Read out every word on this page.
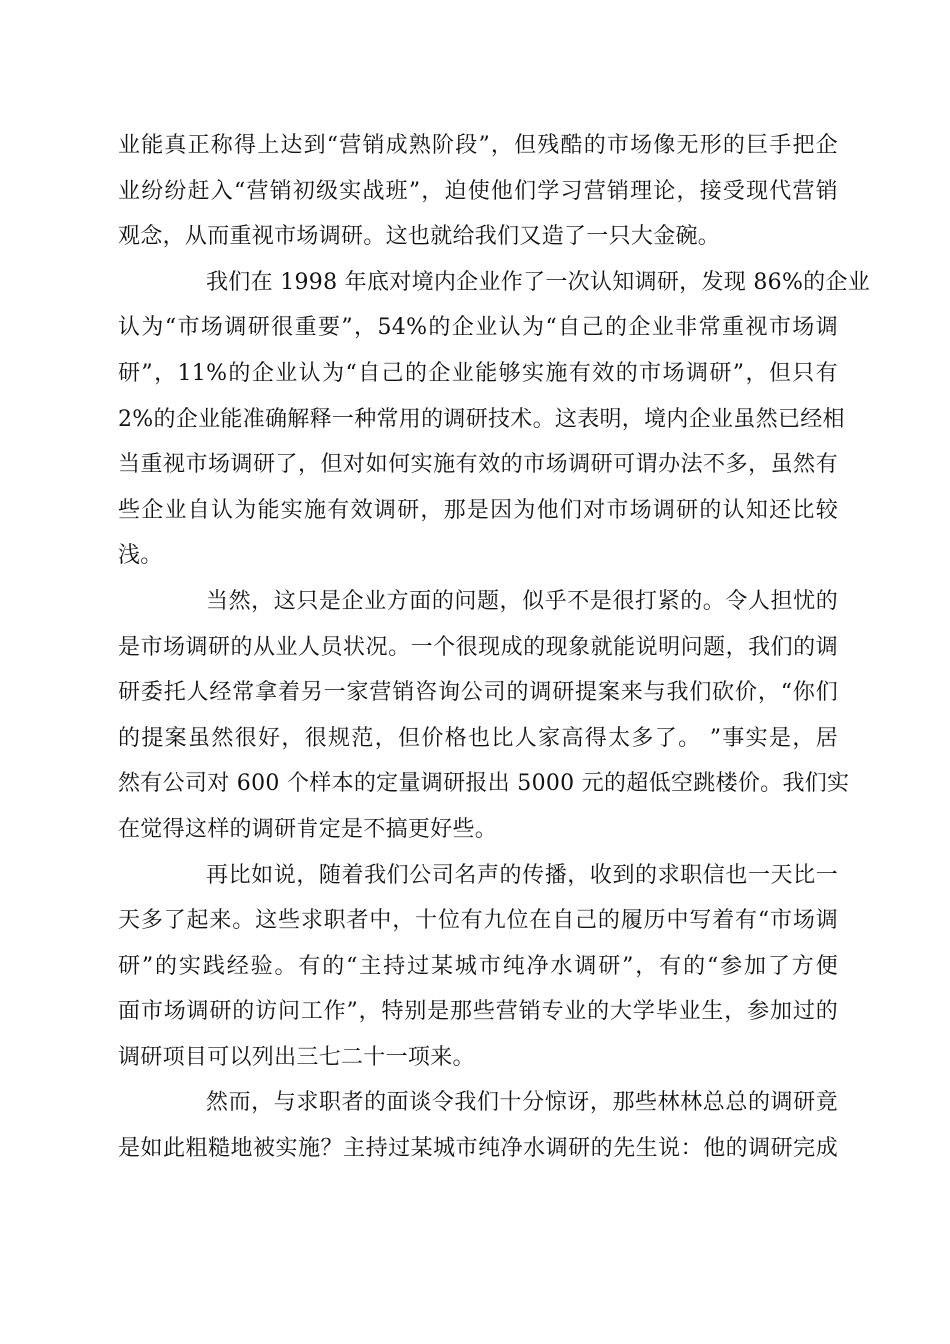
业能真正称得上达到“营销成熟阶段”，但残酷的市场像无形的巨手把企
业纷纷赶入“营销初级实战班”，迫使他们学习营销理论，接受现代营销
观念，从而重视市场调研。这也就给我们又造了一只大金碗。
我们在 1998 年底对境内企业作了一次认知调研，发现 86%的企业
认为“市场调研很重要”，54%的企业认为“自己的企业非常重视市场调
研”，11%的企业认为“自己的企业能够实施有效的市场调研”，但只有
2%的企业能准确解释一种常用的调研技术。这表明，境内企业虽然已经相
当重视市场调研了，但对如何实施有效的市场调研可谓办法不多，虽然有
些企业自认为能实施有效调研，那是因为他们对市场调研的认知还比较
浅。
当然，这只是企业方面的问题，似乎不是很打紧的。令人担忧的
是市场调研的从业人员状况。一个很现成的现象就能说明问题，我们的调
研委托人经常拿着另一家营销咨询公司的调研提案来与我们砍价，“你们
的提案虽然很好，很规范，但价格也比人家高得太多了。 ”事实是，居
然有公司对 600 个样本的定量调研报出 5000 元的超低空跳楼价。我们实
在觉得这样的调研肯定是不搞更好些。
再比如说，随着我们公司名声的传播，收到的求职信也一天比一
天多了起来。这些求职者中，十位有九位在自己的履历中写着有“市场调
研”的实践经验。有的“主持过某城市纯净水调研”，有的“参加了方便
面市场调研的访问工作”，特别是那些营销专业的大学毕业生，参加过的
调研项目可以列出三七二十一项来。
然而，与求职者的面谈令我们十分惊讶，那些林林总总的调研竟
是如此粗糙地被实施？主持过某城市纯净水调研的先生说：他的调研完成
